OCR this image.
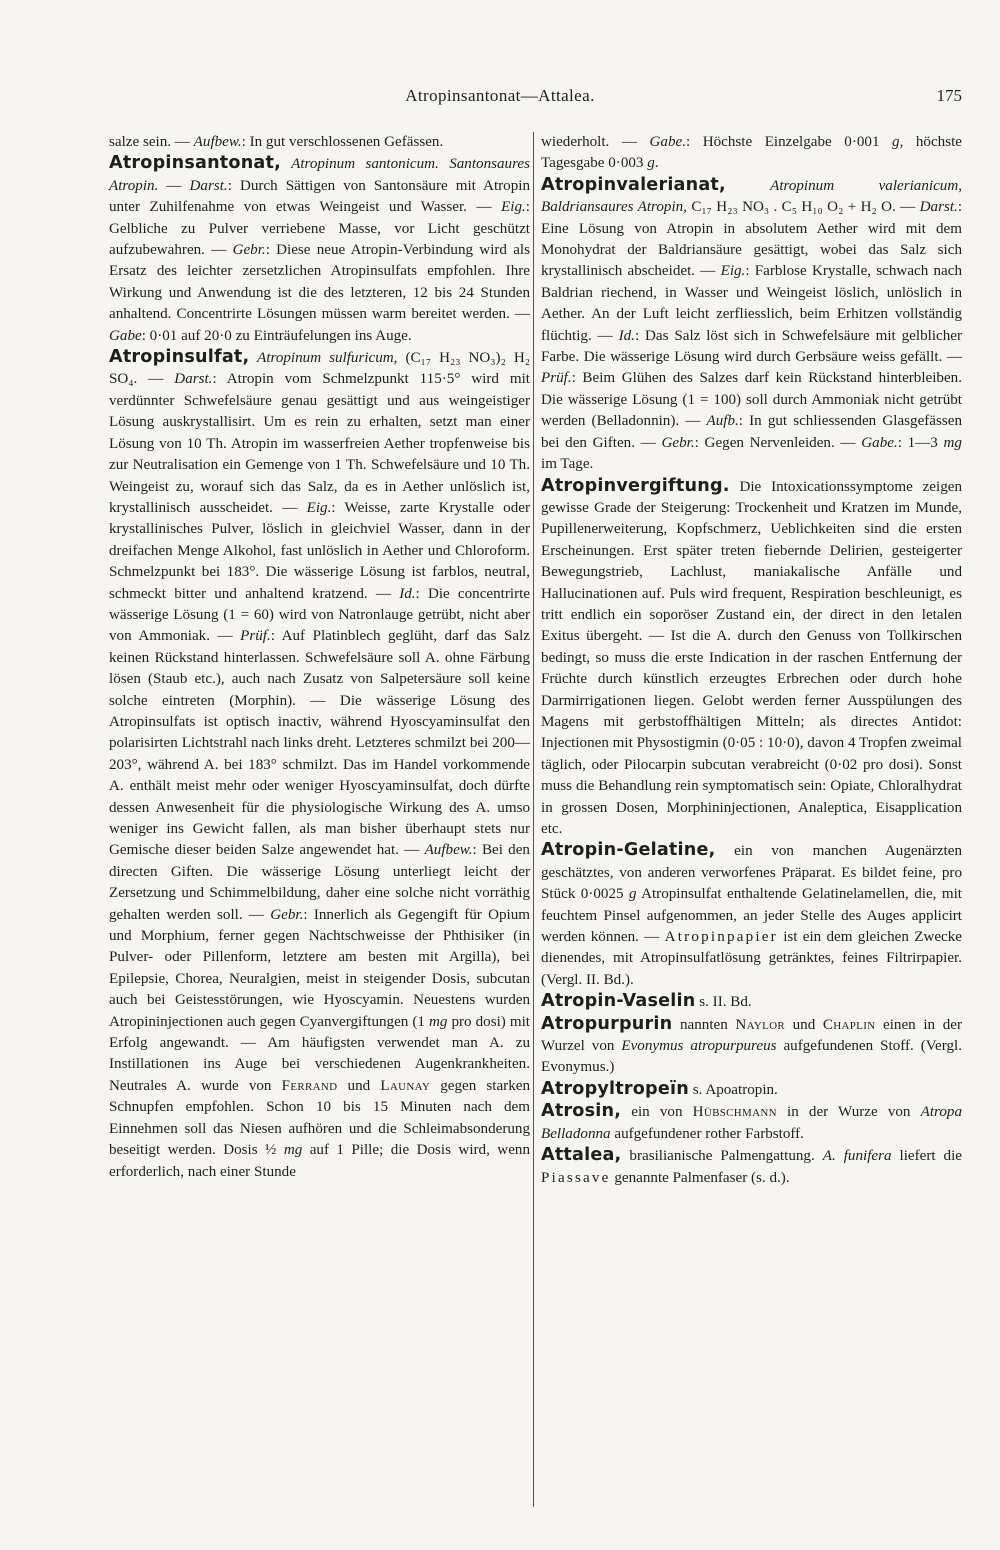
Atropinsantonat—Attalea.	175

salze sein. — Aufbew.: In gut verschlossenen Gefässen.

Atropinsantonat, Atropinum santonicum. Santonsaures Atropin. — Darst.: Durch Sättigen von Santonsäure mit Atropin unter Zuhilfenahme von etwas Weingeist und Wasser. — Eig.: Gelbliche zu Pulver verriebene Masse, vor Licht geschützt aufzubewahren. — Gebr.: Diese neue Atropin-Verbindung wird als Ersatz des leichter zersetzlichen Atropinsulfats empfohlen. Ihre Wirkung und Anwendung ist die des letzteren, 12 bis 24 Stunden anhaltend. Concentrirte Lösungen müssen warm bereitet werden. — Gabe: 0·01 auf 20·0 zu Einträufelungen ins Auge.

Atropinsulfat, Atropinum sulfuricum, (C₁₇ H₂₃ NO₃)₂ H₂ SO₄. — Darst.: Atropin vom Schmelzpunkt 115·5° wird mit verdünnter Schwefelsäure genau gesättigt und aus weingeistiger Lösung auskrystallisirt. Um es rein zu erhalten, setzt man einer Lösung von 10 Th. Atropin im wasserfreien Aether tropfenweise bis zur Neutralisation ein Gemenge von 1 Th. Schwefelsäure und 10 Th. Weingeist zu, worauf sich das Salz, da es in Aether unlöslich ist, krystallinisch ausscheidet. — Eig.: Weisse, zarte Krystalle oder krystallinisches Pulver, löslich in gleichviel Wasser, dann in der dreifachen Menge Alkohol, fast unlöslich in Aether und Chloroform. Schmelzpunkt bei 183°. Die wässerige Lösung ist farblos, neutral, schmeckt bitter und anhaltend kratzend. — Id.: Die concentrirte wässerige Lösung (1 = 60) wird von Natronlauge getrübt, nicht aber von Ammoniak. — Prüf.: Auf Platinblech geglüht, darf das Salz keinen Rückstand hinterlassen. Schwefelsäure soll A. ohne Färbung lösen (Staub etc.), auch nach Zusatz von Salpetersäure soll keine solche eintreten (Morphin). — Die wässerige Lösung des Atropinsulfats ist optisch inactiv, während Hyoscyaminsulfat den polarisirten Lichtstrahl nach links dreht. Letzteres schmilzt bei 200—203°, während A. bei 183° schmilzt. Das im Handel vorkommende A. enthält meist mehr oder weniger Hyoscyaminsulfat, doch dürfte dessen Anwesenheit für die physiologische Wirkung des A. umso weniger ins Gewicht fallen, als man bisher überhaupt stets nur Gemische dieser beiden Salze angewendet hat. — Aufbew.: Bei den directen Giften. Die wässerige Lösung unterliegt leicht der Zersetzung und Schimmelbildung, daher eine solche nicht vorräthig gehalten werden soll. — Gebr.: Innerlich als Gegengift für Opium und Morphium, ferner gegen Nachtschweisse der Phthisiker (in Pulver- oder Pillenform, letztere am besten mit Argilla), bei Epilepsie, Chorea, Neuralgien, meist in steigender Dosis, subcutan auch bei Geistesstörungen, wie Hyoscyamin. Neuestens wurden Atropininjectionen auch gegen Cyanvergiftungen (1 mg pro dosi) mit Erfolg angewandt. — Am häufigsten verwendet man A. zu Instillationen ins Auge bei verschiedenen Augenkrankheiten. Neutrales A. wurde von Ferrand und Launay gegen starken Schnupfen empfohlen. Schon 10 bis 15 Minuten nach dem Einnehmen soll das Niesen aufhören und die Schleimabsonderung beseitigt werden. Dosis ½ mg auf 1 Pille; die Dosis wird, wenn erforderlich, nach einer Stunde

wiederholt. — Gabe.: Höchste Einzelgabe 0·001 g, höchste Tagesgabe 0·003 g.

Atropinvalerianat, Atropinum valerianicum, Baldriansaures Atropin, C₁₇ H₂₃ NO₃ . C₅ H₁₀ O₂ + H₂ O. — Darst.: Eine Lösung von Atropin in absolutem Aether wird mit dem Monohydrat der Baldriansäure gesättigt, wobei das Salz sich krystallinisch abscheidet. — Eig.: Farblose Krystalle, schwach nach Baldrian riechend, in Wasser und Weingeist löslich, unlöslich in Aether. An der Luft leicht zerfliesslich, beim Erhitzen vollständig flüchtig. — Id.: Das Salz löst sich in Schwefelsäure mit gelblicher Farbe. Die wässerige Lösung wird durch Gerbsäure weiss gefällt. — Prüf.: Beim Glühen des Salzes darf kein Rückstand hinterbleiben. Die wässerige Lösung (1 = 100) soll durch Ammoniak nicht getrübt werden (Belladonnin). — Aufb.: In gut schliessenden Glasgefässen bei den Giften. — Gebr.: Gegen Nervenleiden. — Gabe.: 1—3 mg im Tage.

Atropinvergiftung. Die Intoxicationssymptome zeigen gewisse Grade der Steigerung: Trockenheit und Kratzen im Munde, Pupillenerweiterung, Kopfschmerz, Ueblichkeiten sind die ersten Erscheinungen. Erst später treten fiebernde Delirien, gesteigerter Bewegungstrieb, Lachlust, maniakalische Anfälle und Hallucinationen auf. Puls wird frequent, Respiration beschleunigt, es tritt endlich ein soporöser Zustand ein, der direct in den letalen Exitus übergeht. — Ist die A. durch den Genuss von Tollkirschen bedingt, so muss die erste Indication in der raschen Entfernung der Früchte durch künstlich erzeugtes Erbrechen oder durch hohe Darmirrigationen liegen. Gelobt werden ferner Ausspülungen des Magens mit gerbstoffhältigen Mitteln; als directes Antidot: Injectionen mit Physostigmin (0·05 : 10·0), davon 4 Tropfen zweimal täglich, oder Pilocarpin subcutan verabreicht (0·02 pro dosi). Sonst muss die Behandlung rein symptomatisch sein: Opiate, Chloralhydrat in grossen Dosen, Morphininjectionen, Analeptica, Eisapplication etc.

Atropin-Gelatine, ein von manchen Augenärzten geschätztes, von anderen verworfenes Präparat. Es bildet feine, pro Stück 0·0025 g Atropinsulfat enthaltende Gelatinelamellen, die, mit feuchtem Pinsel aufgenommen, an jeder Stelle des Auges applicirt werden können. — Atropinpapier ist ein dem gleichen Zwecke dienendes, mit Atropinsulfatlösung getränktes, feines Filtrirpapier. (Vergl. II. Bd.).

Atropin-Vaselin s. II. Bd.

Atropurpurin nannten Naylor und Chaplin einen in der Wurzel von Evonymus atropurpureus aufgefundenen Stoff. (Vergl. Evonymus.)

Atropyltropeïn s. Apoatropin.

Atrosin, ein von Hübschmann in der Wurze von Atropa Belladonna aufgefundener rother Farbstoff.

Attalea, brasilianische Palmengattung. A. funifera liefert die Piassave genannte Palmenfaser (s. d.).
